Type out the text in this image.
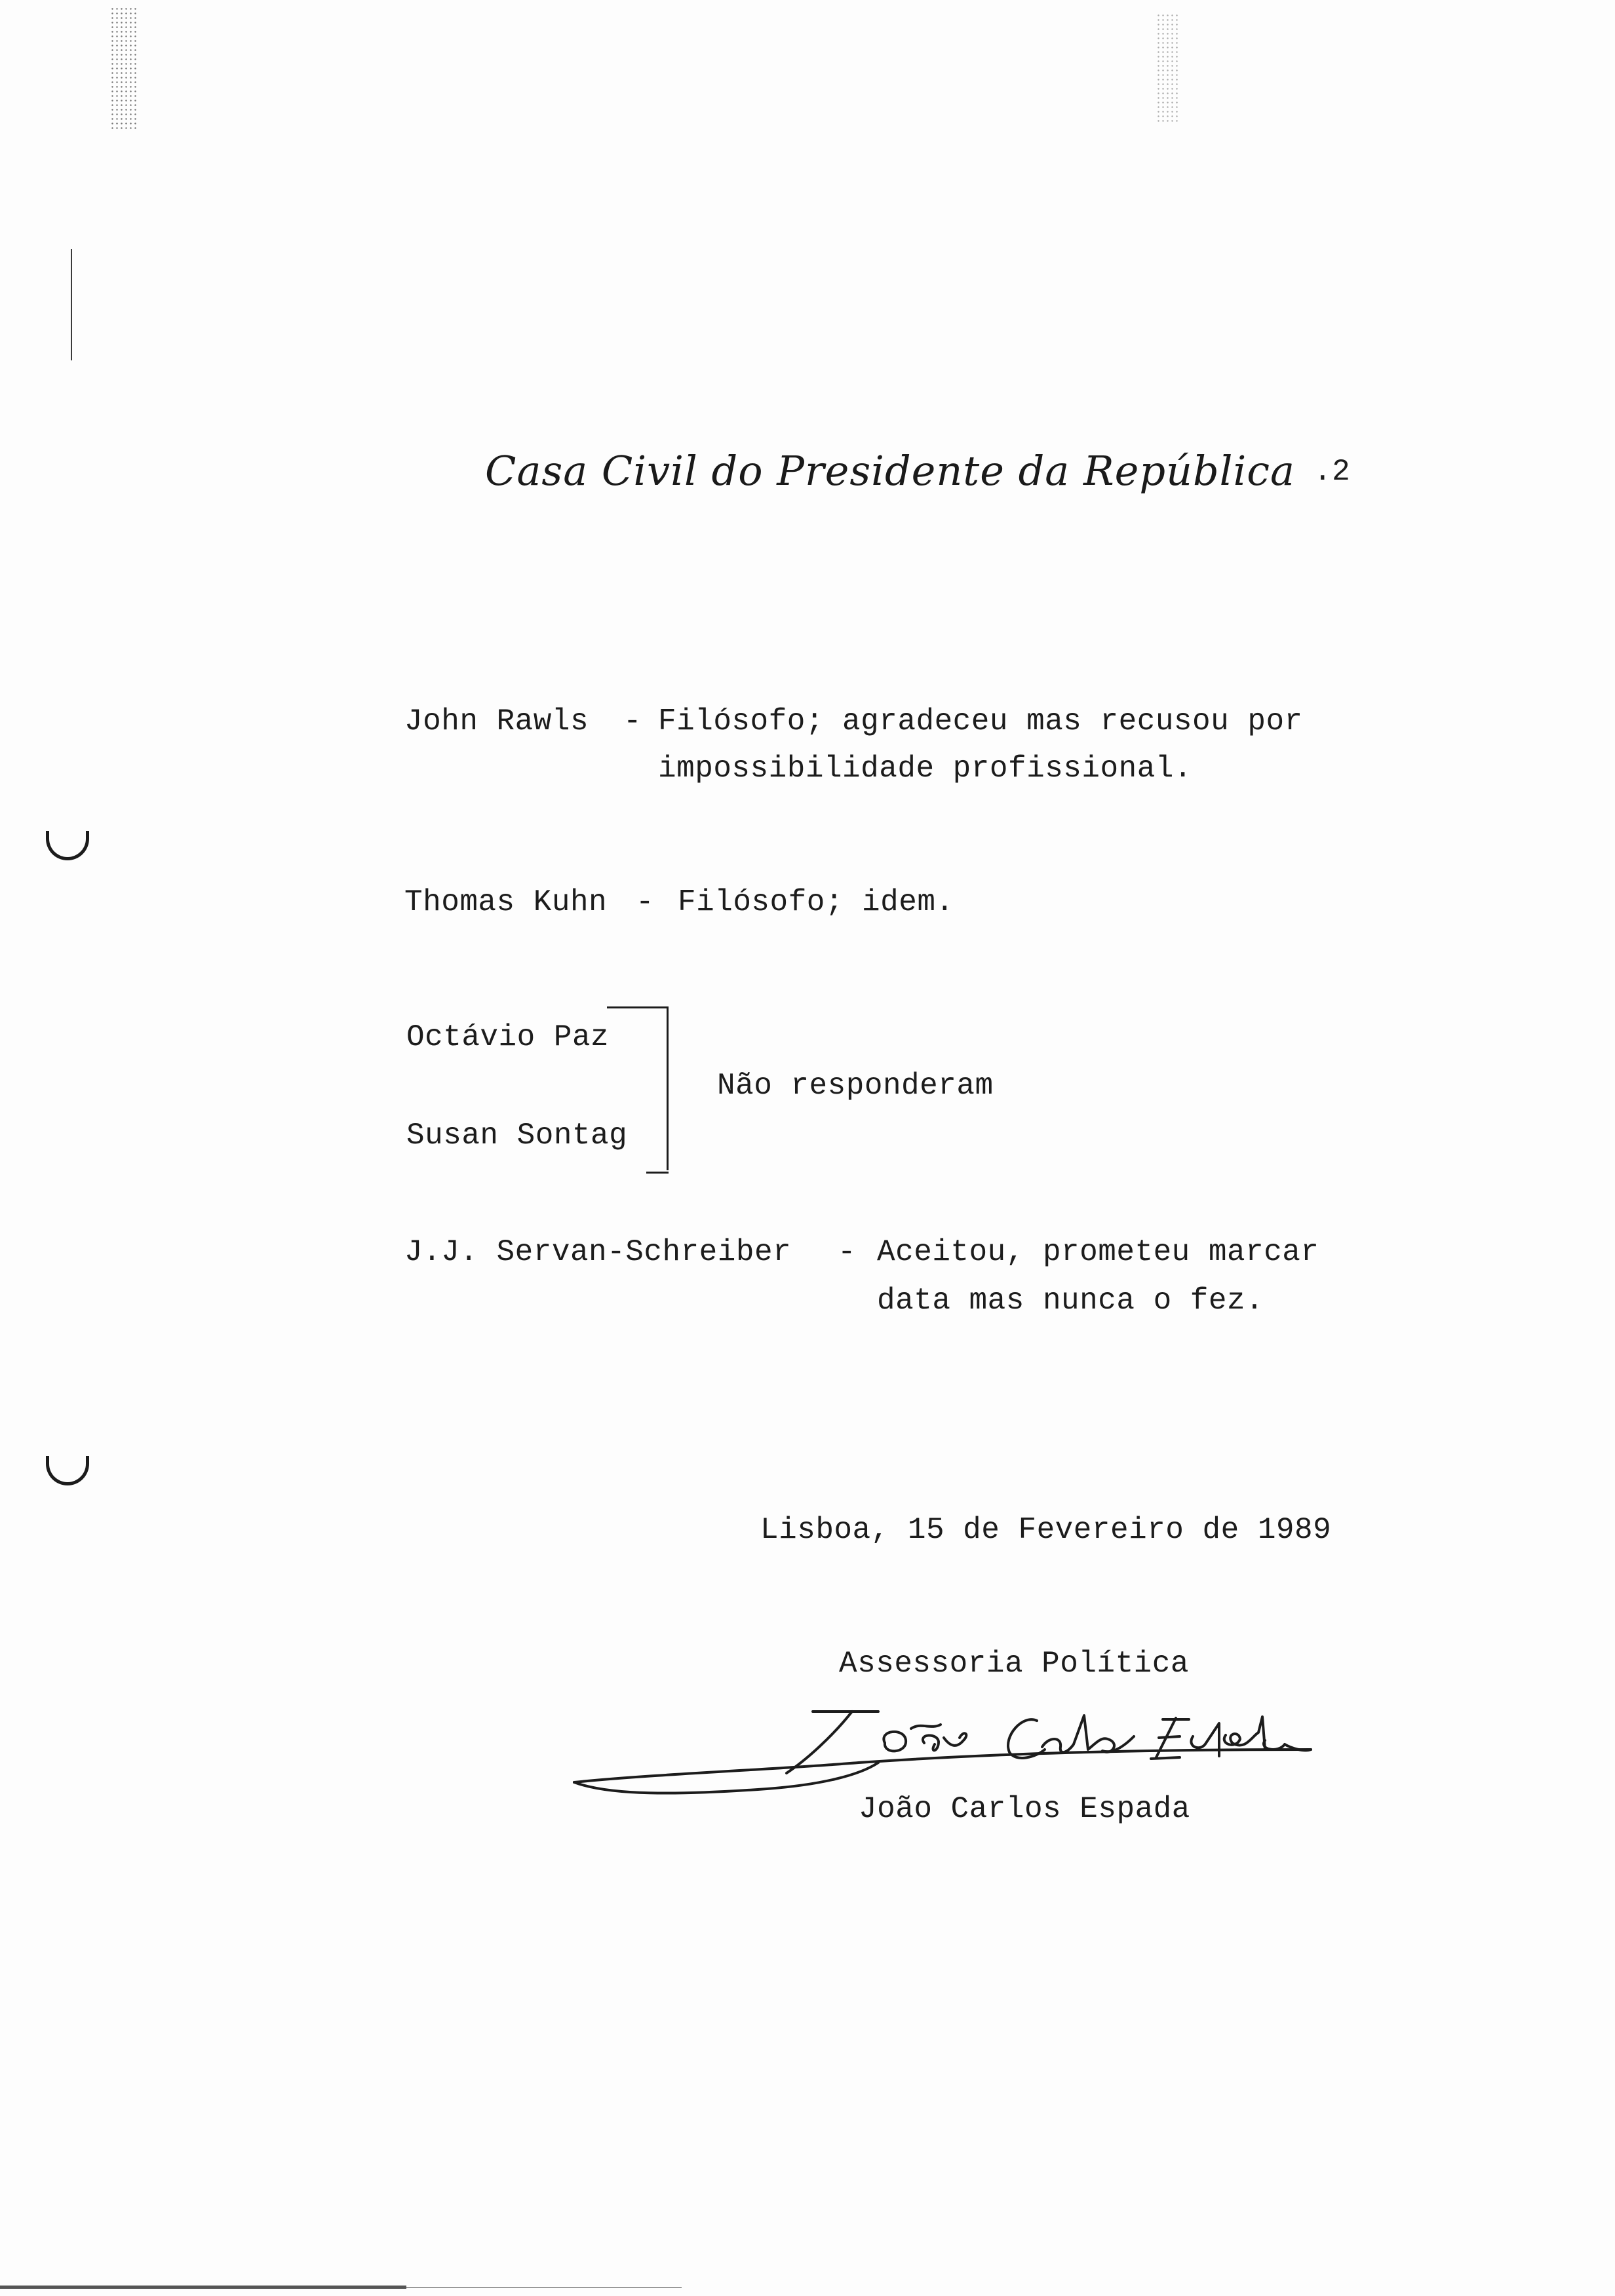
Casa Civil do Presidente da República .2
John Rawls - Filósofo; agradeceu mas recusou por
impossibilidade profissional.
Thomas Kuhn - Filósofo; idem.
Octávio Paz
Susan Sontag
Não responderam
J.J. Servan-Schreiber - Aceitou, prometeu marcar
data mas nunca o fez.
Lisboa, 15 de Fevereiro de 1989
Assessoria Política
João Carlos Espada
